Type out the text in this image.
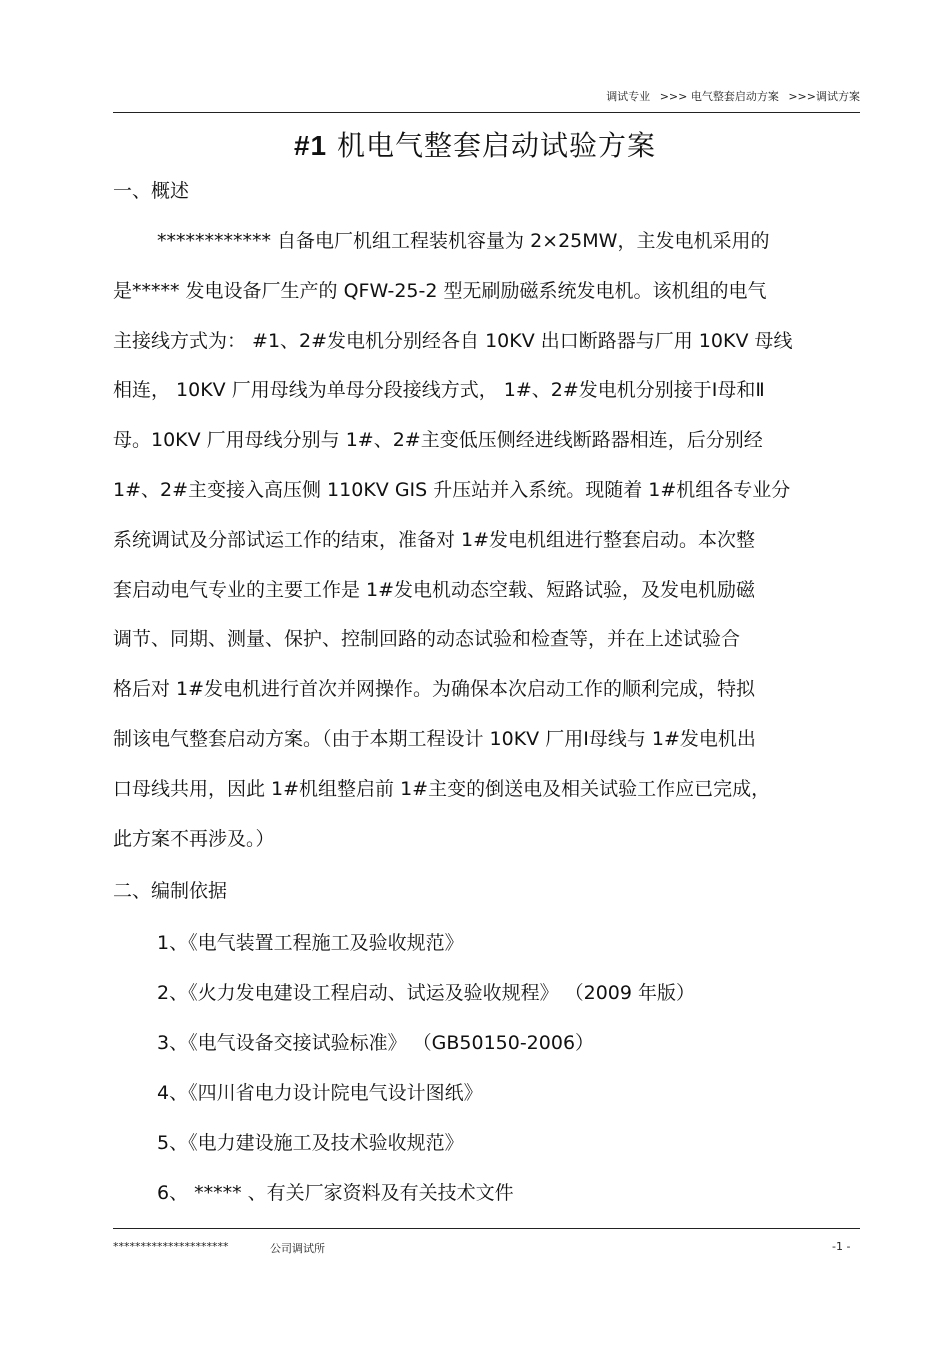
调试专业 >>> 电气整套启动方案 >>>调试方案
#1 机电气整套启动试验方案
一、概述
************ 自备电厂机组工程装机容量为 2×25MW，主发电机采用的
是***** 发电设备厂生产的 QFW-25-2 型无刷励磁系统发电机。该机组的电气
主接线方式为： #1、2#发电机分别经各自 10KV 出口断路器与厂用 10KV 母线
相连， 10KV 厂用母线为单母分段接线方式， 1#、2#发电机分别接于Ⅰ母和Ⅱ
母。10KV 厂用母线分别与 1#、2#主变低压侧经进线断路器相连，后分别经
1#、2#主变接入高压侧 110KV GIS 升压站并入系统。现随着 1#机组各专业分
系统调试及分部试运工作的结束，准备对 1#发电机组进行整套启动。本次整
套启动电气专业的主要工作是 1#发电机动态空载、短路试验，及发电机励磁
调节、同期、测量、保护、控制回路的动态试验和检查等，并在上述试验合
格后对 1#发电机进行首次并网操作。为确保本次启动工作的顺利完成，特拟
制该电气整套启动方案。（由于本期工程设计 10KV 厂用Ⅰ母线与 1#发电机出
口母线共用，因此 1#机组整启前 1#主变的倒送电及相关试验工作应已完成，
此方案不再涉及。）
二、编制依据
1、《电气装置工程施工及验收规范》
2、《火力发电建设工程启动、试运及验收规程》 （2009 年版）
3、《电气设备交接试验标准》 （GB50150-2006）
4、《四川省电力设计院电气设计图纸》
5、《电力建设施工及技术验收规范》
6、 ***** 、有关厂家资料及有关技术文件
*********************	公司调试所	-1 -
